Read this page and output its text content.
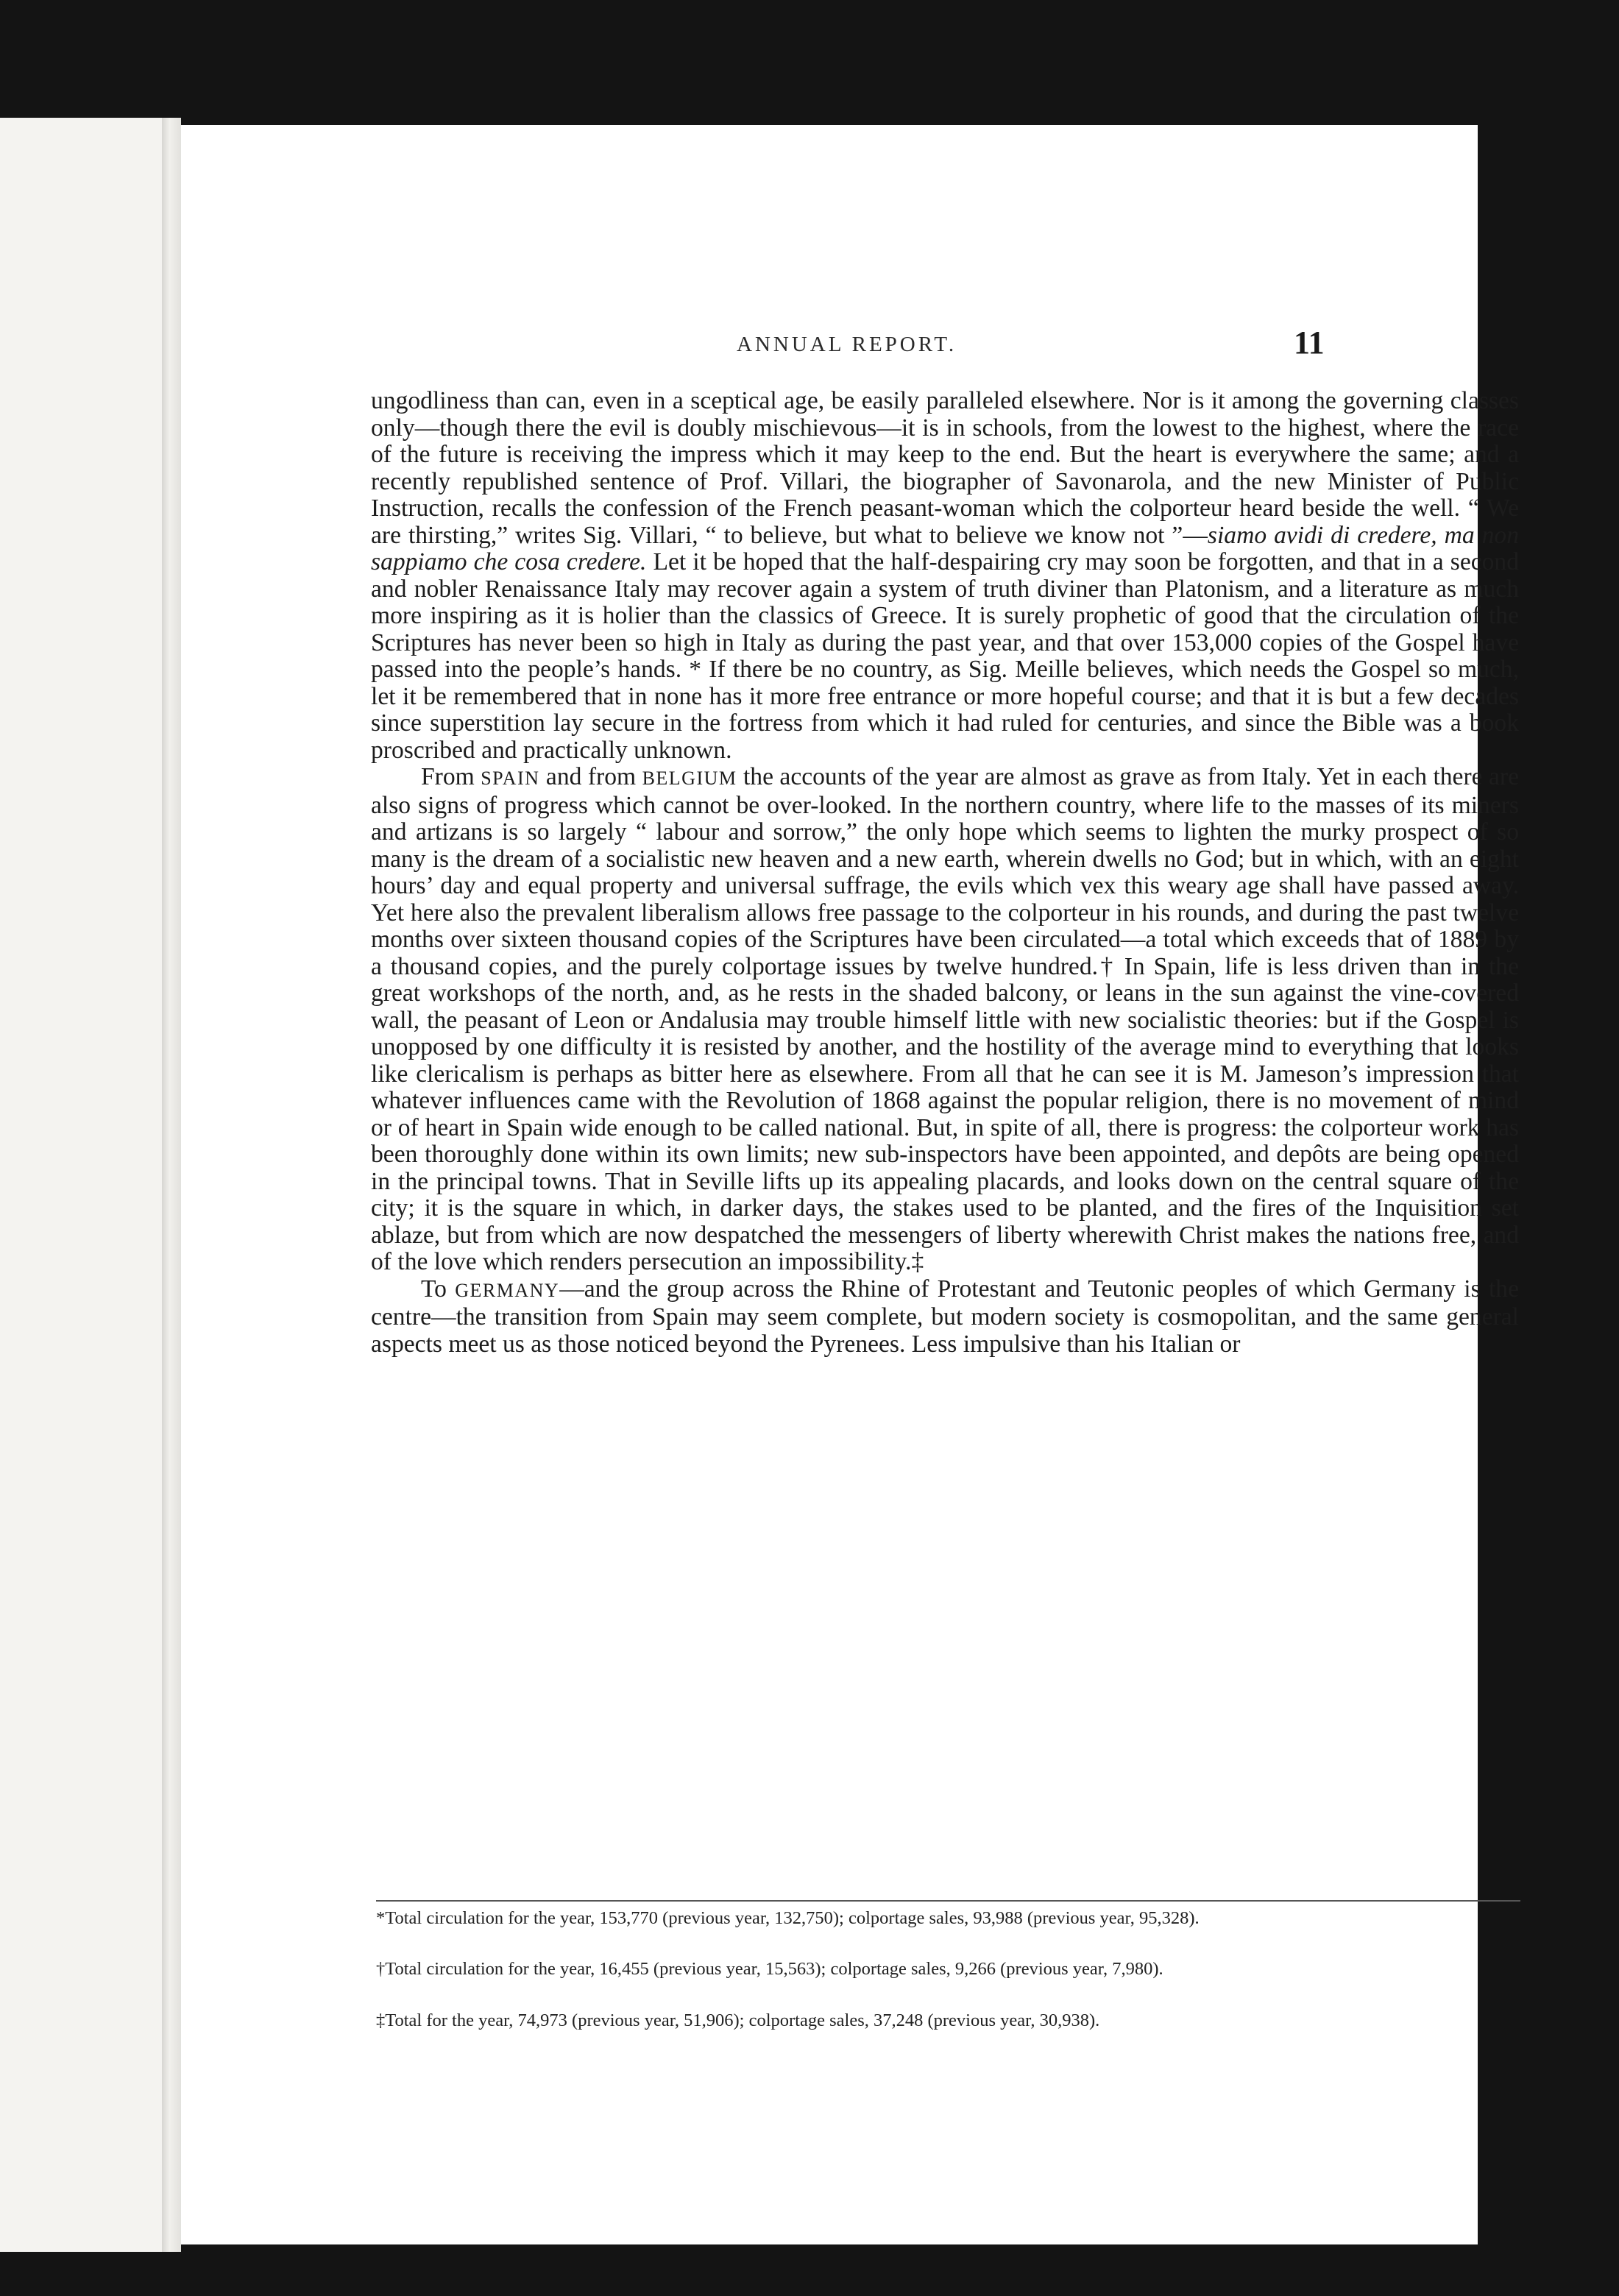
ANNUAL REPORT.	11

ungodliness than can, even in a sceptical age, be easily paralleled elsewhere. Nor is it among the governing classes only—though there the evil is doubly mischievous—it is in schools, from the lowest to the highest, where the race of the future is receiving the impress which it may keep to the end. But the heart is everywhere the same; and a recently republished sentence of Prof. Villari, the biographer of Savonarola, and the new Minister of Public Instruction, recalls the confession of the French peasant-woman which the colporteur heard beside the well. “ We are thirsting,” writes Sig. Villari, “ to believe, but what to believe we know not ”—siamo avidi di credere, ma non sappiamo che cosa credere. Let it be hoped that the half-despairing cry may soon be forgotten, and that in a second and nobler Renaissance Italy may recover again a system of truth diviner than Platonism, and a literature as much more inspiring as it is holier than the classics of Greece. It is surely prophetic of good that the circulation of the Scriptures has never been so high in Italy as during the past year, and that over 153,000 copies of the Gospel have passed into the people’s hands. * If there be no country, as Sig. Meille believes, which needs the Gospel so much, let it be remembered that in none has it more free entrance or more hopeful course; and that it is but a few decades since superstition lay secure in the fortress from which it had ruled for centuries, and since the Bible was a book proscribed and practically unknown.

From SPAIN and from BELGIUM the accounts of the year are almost as grave as from Italy. Yet in each there are also signs of progress which cannot be over-looked. In the northern country, where life to the masses of its miners and artizans is so largely “ labour and sorrow,” the only hope which seems to lighten the murky prospect of so many is the dream of a socialistic new heaven and a new earth, wherein dwells no God; but in which, with an eight hours’ day and equal property and universal suffrage, the evils which vex this weary age shall have passed away. Yet here also the prevalent liberalism allows free passage to the colporteur in his rounds, and during the past twelve months over sixteen thousand copies of the Scriptures have been circulated—a total which exceeds that of 1889 by a thousand copies, and the purely colportage issues by twelve hundred.† In Spain, life is less driven than in the great workshops of the north, and, as he rests in the shaded balcony, or leans in the sun against the vine-covered wall, the peasant of Leon or Andalusia may trouble himself little with new socialistic theories: but if the Gospel is unopposed by one difficulty it is resisted by another, and the hostility of the average mind to everything that looks like clericalism is perhaps as bitter here as elsewhere. From all that he can see it is M. Jameson’s impression that whatever influences came with the Revolution of 1868 against the popular religion, there is no movement of mind or of heart in Spain wide enough to be called national. But, in spite of all, there is progress: the colporteur work has been thoroughly done within its own limits; new sub-inspectors have been appointed, and depôts are being opened in the principal towns. That in Seville lifts up its appealing placards, and looks down on the central square of the city; it is the square in which, in darker days, the stakes used to be planted, and the fires of the Inquisition set ablaze, but from which are now despatched the messengers of liberty wherewith Christ makes the nations free, and of the love which renders persecution an impossibility.‡

To GERMANY—and the group across the Rhine of Protestant and Teutonic peoples of which Germany is the centre—the transition from Spain may seem complete, but modern society is cosmopolitan, and the same general aspects meet us as those noticed beyond the Pyrenees. Less impulsive than his Italian or

*Total circulation for the year, 153,770 (previous year, 132,750); colportage sales, 93,988 (previous year, 95,328).
†Total circulation for the year, 16,455 (previous year, 15,563); colportage sales, 9,266 (previous year, 7,980).
‡Total for the year, 74,973 (previous year, 51,906); colportage sales, 37,248 (previous year, 30,938).
